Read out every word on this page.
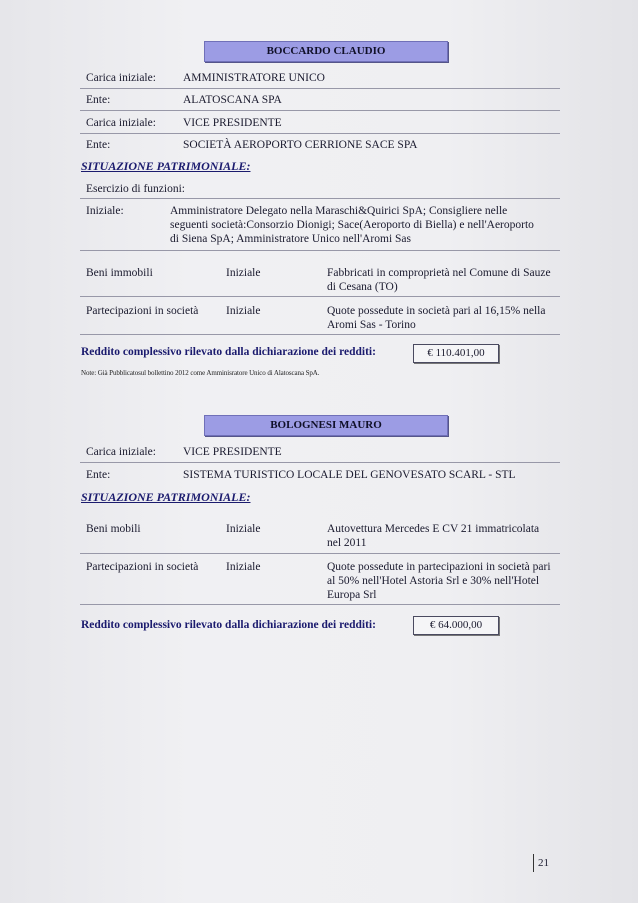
BOCCARDO CLAUDIO
Carica iniziale: AMMINISTRATORE UNICO
Ente:	ALATOSCANA SPA
Carica iniziale: VICE PRESIDENTE
Ente:	SOCIETÀ AEROPORTO CERRIONE SACE SPA
SITUAZIONE PATRIMONIALE:
Esercizio di funzioni:
Iniziale:	Amministratore Delegato nella Maraschi&Quirici SpA; Consigliere nelle
seguenti società:Consorzio Dionigi; Sace(Aeroporto di Biella) e nell'Aeroporto
di Siena SpA; Amministratore Unico nell'Aromi Sas
Beni immobili	Iniziale	Fabbricati in comproprietà nel Comune di Sauze
di Cesana (TO)
Partecipazioni in società Iniziale	Quote possedute in società pari al 16,15% nella
Aromi Sas - Torino
Reddito complessivo rilevato dalla dichiarazione dei redditi:	€ 110.401,00
Note: Già Pubblicatosul bollettino 2012 come Amminisratore Unico di Alatoscana SpA.
BOLOGNESI MAURO
Carica iniziale: VICE PRESIDENTE
Ente:	SISTEMA TURISTICO LOCALE DEL GENOVESATO SCARL - STL
SITUAZIONE PATRIMONIALE:
Beni mobili	Iniziale	Autovettura Mercedes E CV 21 immatricolata
nel 2011
Partecipazioni in società Iniziale	Quote possedute in partecipazioni in società pari
al 50% nell'Hotel Astoria Srl e 30% nell'Hotel
Europa Srl
Reddito complessivo rilevato dalla dichiarazione dei redditi:	€ 64.000,00
21
